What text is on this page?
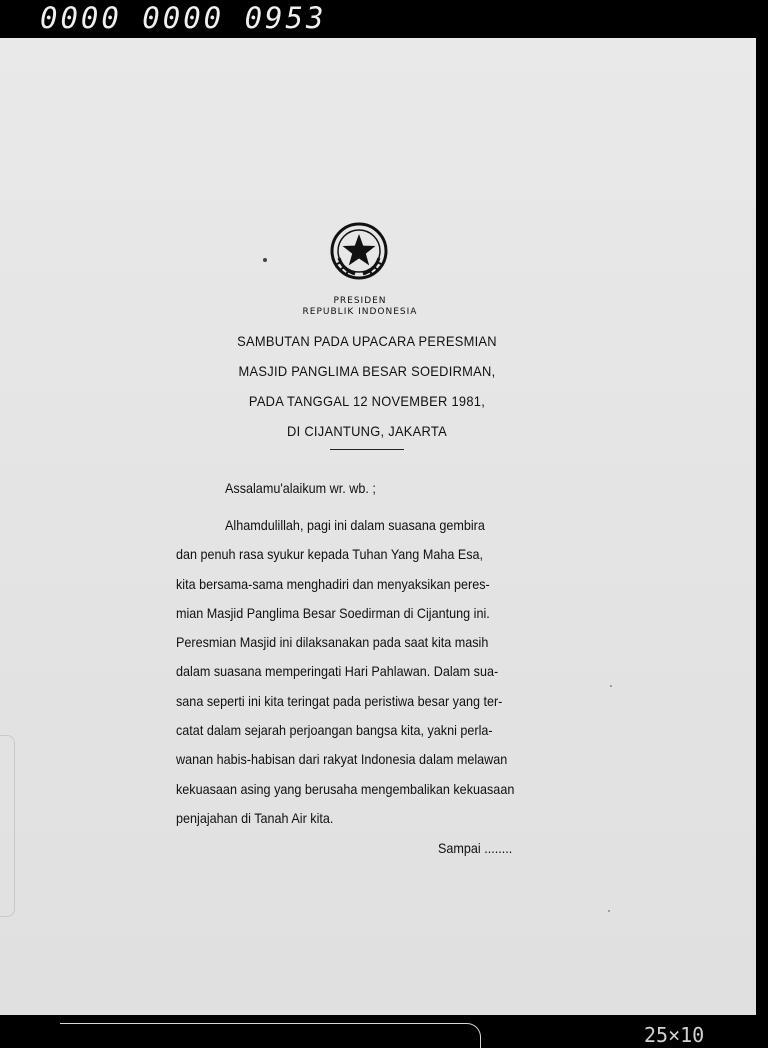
0000 0000 0953
25×10
PRESIDEN
REPUBLIK INDONESIA
SAMBUTAN PADA UPACARA PERESMIAN
MASJID PANGLIMA BESAR SOEDIRMAN,
PADA TANGGAL 12 NOVEMBER 1981,
DI CIJANTUNG, JAKARTA
Assalamu'alaikum wr. wb. ;
Alhamdulillah, pagi ini dalam suasana gembira
dan penuh rasa syukur kepada Tuhan Yang Maha Esa,
kita bersama-sama menghadiri dan menyaksikan peres-
mian Masjid Panglima Besar Soedirman di Cijantung ini.
Peresmian Masjid ini dilaksanakan pada saat kita masih
dalam suasana memperingati Hari Pahlawan. Dalam sua-
sana seperti ini kita teringat pada peristiwa besar yang ter-
catat dalam sejarah perjoangan bangsa kita, yakni perla-
wanan habis-habisan dari rakyat Indonesia dalam melawan
kekuasaan asing yang berusaha mengembalikan kekuasaan
penjajahan di Tanah Air kita.
Sampai ........
